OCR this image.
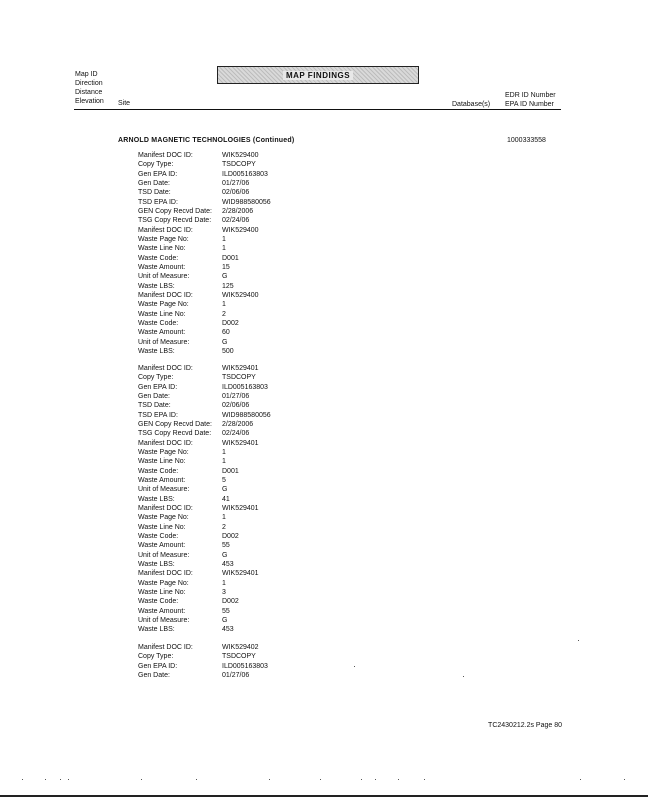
Map ID
Direction
Distance
Elevation Site
MAP FINDINGS
Database(s)
EDR ID Number
EPA ID Number
ARNOLD MAGNETIC TECHNOLOGIES (Continued)	1000333558
Manifest DOC ID:	WIK529400
Copy Type:	TSDCOPY
Gen EPA ID:	ILD005163803
Gen Date:	01/27/06
TSD Date:	02/06/06
TSD EPA ID:	WID988580056
GEN Copy Recvd Date: 2/28/2006
TSG Copy Recvd Date: 02/24/06
Manifest DOC ID:	WIK529400
Waste Page No:	1
Waste Line No:	1
Waste Code:	D001
Waste Amount:	15
Unit of Measure:	G
Waste LBS:	125
Manifest DOC ID:	WIK529400
Waste Page No:	1
Waste Line No:	2
Waste Code:	D002
Waste Amount:	60
Unit of Measure:	G
Waste LBS:	500
Manifest DOC ID:	WIK529401
Copy Type:	TSDCOPY
Gen EPA ID:	ILD005163803
Gen Date:	01/27/06
TSD Date:	02/06/06
TSD EPA ID:	WID988580056
GEN Copy Recvd Date: 2/28/2006
TSG Copy Recvd Date: 02/24/06
Manifest DOC ID:	WIK529401
Waste Page No:	1
Waste Line No:	1
Waste Code:	D001
Waste Amount:	5
Unit of Measure:	G
Waste LBS:	41
Manifest DOC ID:	WIK529401
Waste Page No:	1
Waste Line No:	2
Waste Code:	D002
Waste Amount:	55
Unit of Measure:	G
Waste LBS:	453
Manifest DOC ID:	WIK529401
Waste Page No:	1
Waste Line No:	3
Waste Code:	D002
Waste Amount:	55
Unit of Measure:	G
Waste LBS:	453
Manifest DOC ID:	WIK529402
Copy Type:	TSDCOPY
Gen EPA ID:	ILD005163803
Gen Date:	01/27/06
TC2430212.2s Page 80
